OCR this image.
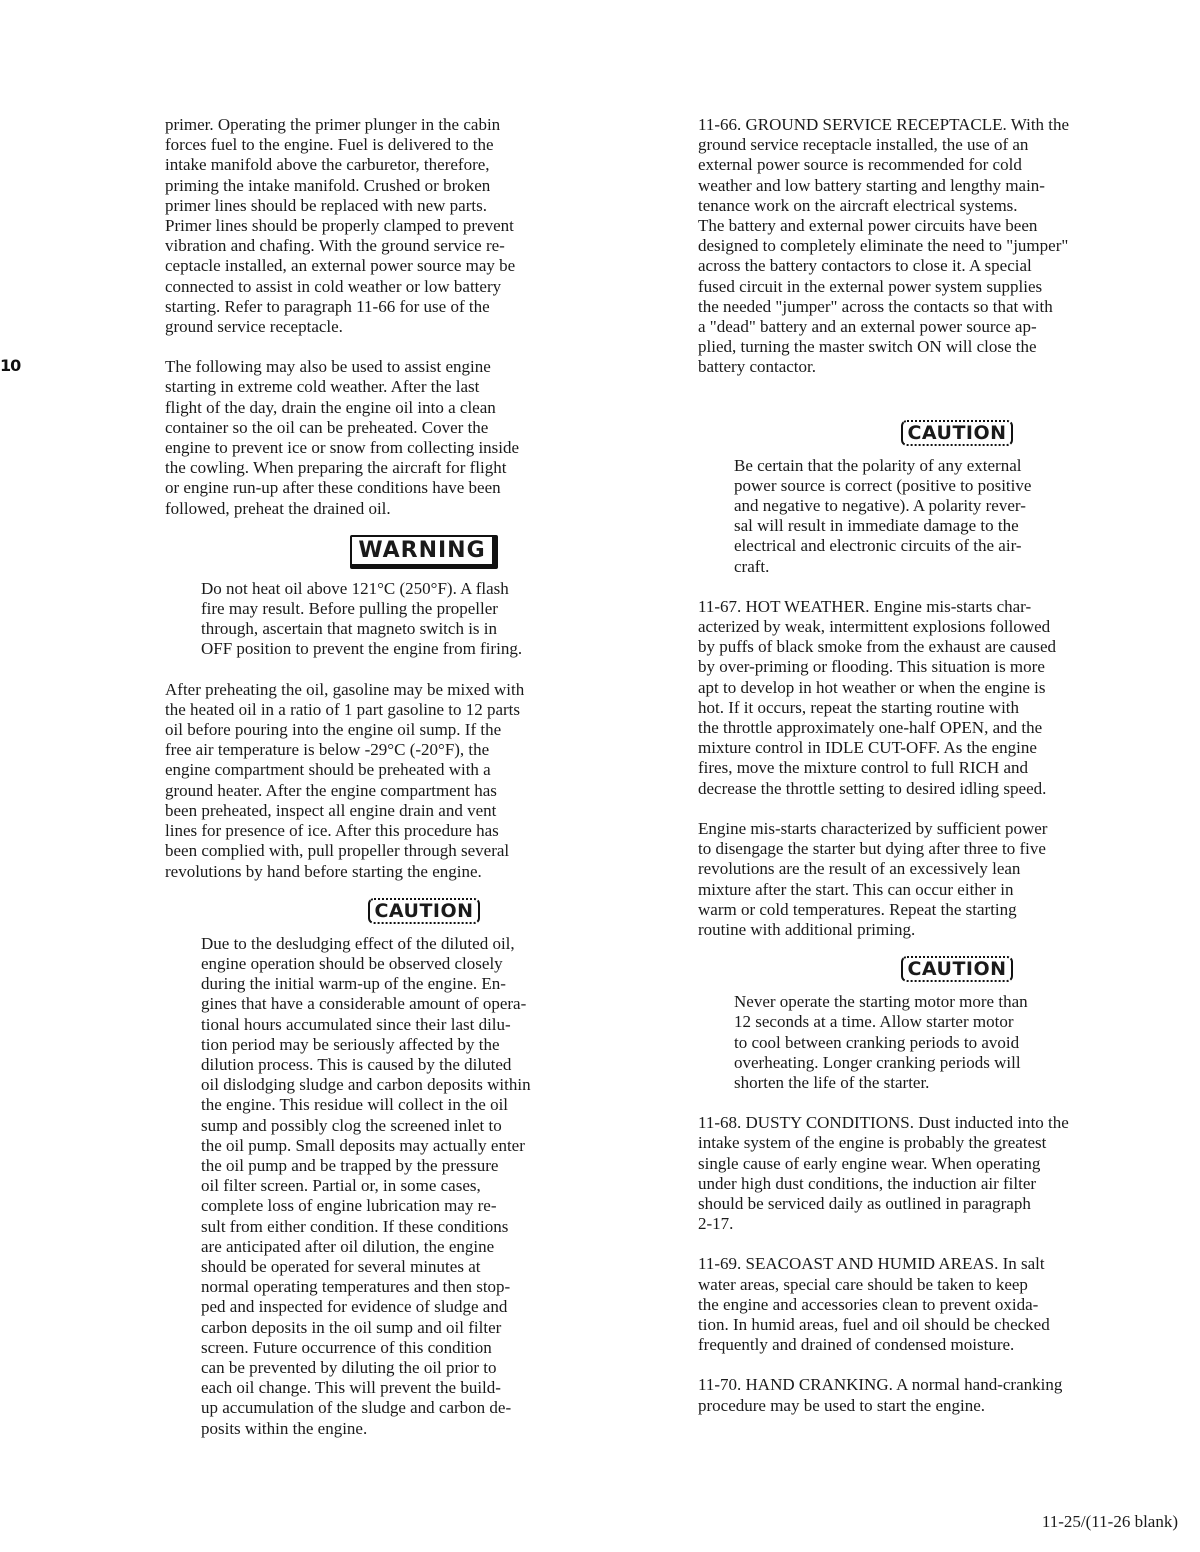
10

primer. Operating the primer plunger in the cabin
forces fuel to the engine. Fuel is delivered to the
intake manifold above the carburetor, therefore,
priming the intake manifold. Crushed or broken
primer lines should be replaced with new parts.
Primer lines should be properly clamped to prevent
vibration and chafing. With the ground service re-
ceptacle installed, an external power source may be
connected to assist in cold weather or low battery
starting. Refer to paragraph 11-66 for use of the
ground service receptacle.

The following may also be used to assist engine
starting in extreme cold weather. After the last
flight of the day, drain the engine oil into a clean
container so the oil can be preheated. Cover the
engine to prevent ice or snow from collecting inside
the cowling. When preparing the aircraft for flight
or engine run-up after these conditions have been
followed, preheat the drained oil.

WARNING

Do not heat oil above 121°C (250°F). A flash
fire may result. Before pulling the propeller
through, ascertain that magneto switch is in
OFF position to prevent the engine from firing.

After preheating the oil, gasoline may be mixed with
the heated oil in a ratio of 1 part gasoline to 12 parts
oil before pouring into the engine oil sump. If the
free air temperature is below -29°C (-20°F), the
engine compartment should be preheated with a
ground heater. After the engine compartment has
been preheated, inspect all engine drain and vent
lines for presence of ice. After this procedure has
been complied with, pull propeller through several
revolutions by hand before starting the engine.

CAUTION

Due to the desludging effect of the diluted oil,
engine operation should be observed closely
during the initial warm-up of the engine. En-
gines that have a considerable amount of opera-
tional hours accumulated since their last dilu-
tion period may be seriously affected by the
dilution process. This is caused by the diluted
oil dislodging sludge and carbon deposits within
the engine. This residue will collect in the oil
sump and possibly clog the screened inlet to
the oil pump. Small deposits may actually enter
the oil pump and be trapped by the pressure
oil filter screen. Partial or, in some cases,
complete loss of engine lubrication may re-
sult from either condition. If these conditions
are anticipated after oil dilution, the engine
should be operated for several minutes at
normal operating temperatures and then stop-
ped and inspected for evidence of sludge and
carbon deposits in the oil sump and oil filter
screen. Future occurrence of this condition
can be prevented by diluting the oil prior to
each oil change. This will prevent the build-
up accumulation of the sludge and carbon de-
posits within the engine.

11-66. GROUND SERVICE RECEPTACLE. With the
ground service receptacle installed, the use of an
external power source is recommended for cold
weather and low battery starting and lengthy main-
tenance work on the aircraft electrical systems.
The battery and external power circuits have been
designed to completely eliminate the need to "jumper"
across the battery contactors to close it. A special
fused circuit in the external power system supplies
the needed "jumper" across the contacts so that with
a "dead" battery and an external power source ap-
plied, turning the master switch ON will close the
battery contactor.

CAUTION

Be certain that the polarity of any external
power source is correct (positive to positive
and negative to negative). A polarity rever-
sal will result in immediate damage to the
electrical and electronic circuits of the air-
craft.

11-67. HOT WEATHER. Engine mis-starts char-
acterized by weak, intermittent explosions followed
by puffs of black smoke from the exhaust are caused
by over-priming or flooding. This situation is more
apt to develop in hot weather or when the engine is
hot. If it occurs, repeat the starting routine with
the throttle approximately one-half OPEN, and the
mixture control in IDLE CUT-OFF. As the engine
fires, move the mixture control to full RICH and
decrease the throttle setting to desired idling speed.

Engine mis-starts characterized by sufficient power
to disengage the starter but dying after three to five
revolutions are the result of an excessively lean
mixture after the start. This can occur either in
warm or cold temperatures. Repeat the starting
routine with additional priming.

CAUTION

Never operate the starting motor more than
12 seconds at a time. Allow starter motor
to cool between cranking periods to avoid
overheating. Longer cranking periods will
shorten the life of the starter.

11-68. DUSTY CONDITIONS. Dust inducted into the
intake system of the engine is probably the greatest
single cause of early engine wear. When operating
under high dust conditions, the induction air filter
should be serviced daily as outlined in paragraph
2-17.

11-69. SEACOAST AND HUMID AREAS. In salt
water areas, special care should be taken to keep
the engine and accessories clean to prevent oxida-
tion. In humid areas, fuel and oil should be checked
frequently and drained of condensed moisture.

11-70. HAND CRANKING. A normal hand-cranking
procedure may be used to start the engine.

11-25/(11-26 blank)
